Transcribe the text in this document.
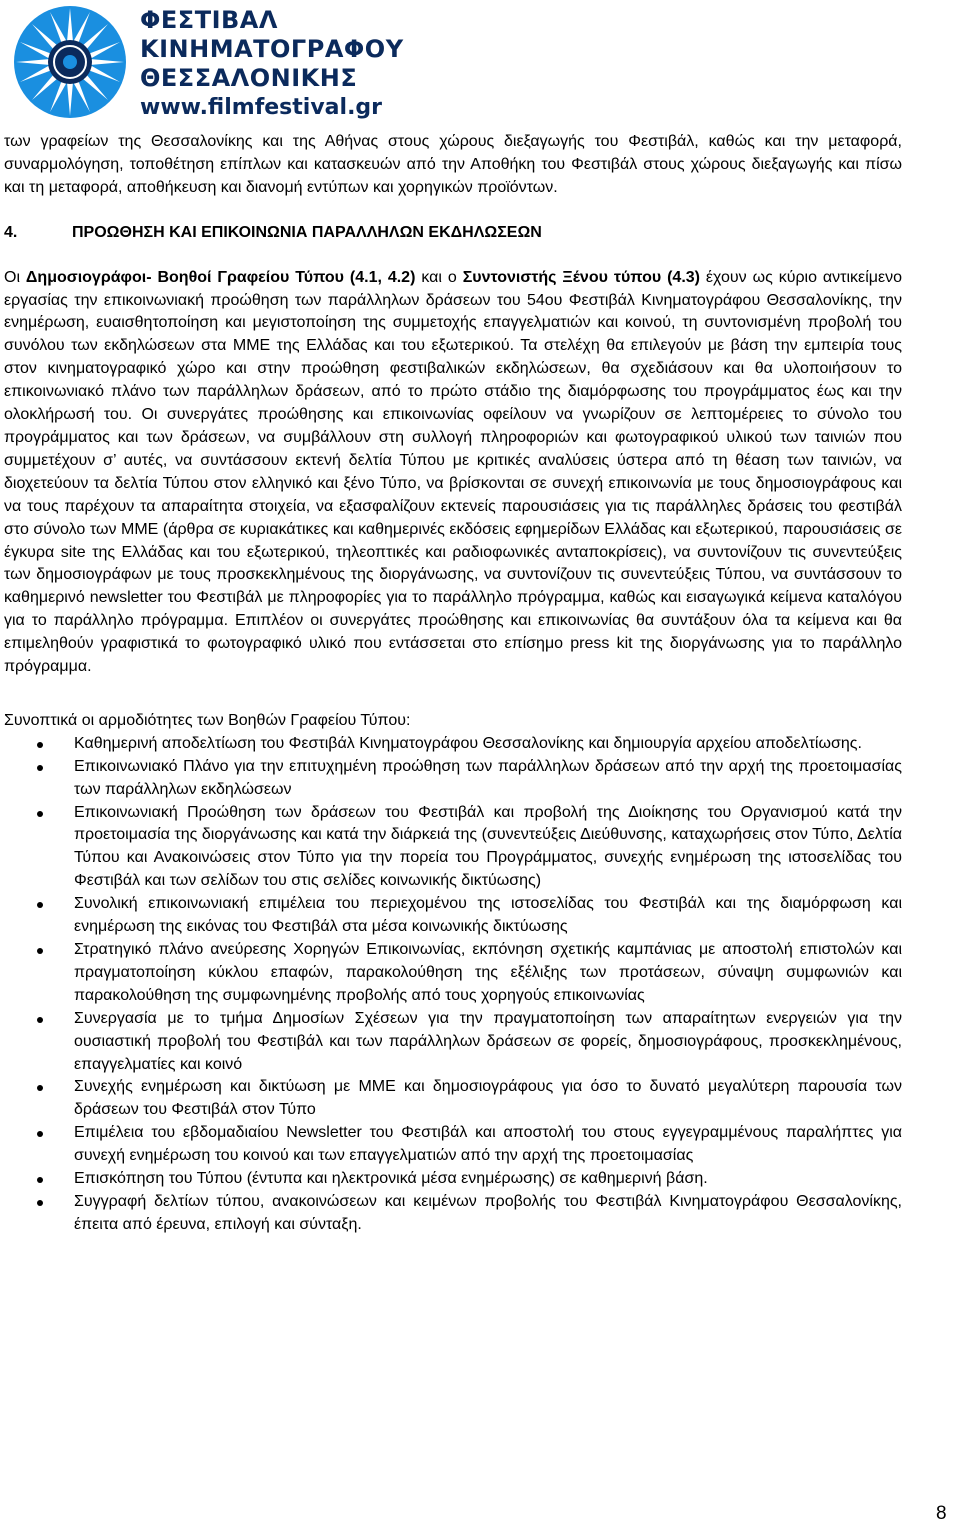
ΦΕΣΤΙΒΑΛ
ΚΙΝΗΜΑΤΟΓΡΑΦΟΥ
ΘΕΣΣΑΛΟΝΙΚΗΣ
www.filmfestival.gr

των γραφείων της Θεσσαλονίκης και της Αθήνας στους χώρους διεξαγωγής του Φεστιβάλ, καθώς και την μεταφορά, συναρμολόγηση, τοποθέτηση επίπλων και κατασκευών από την Αποθήκη του Φεστιβάλ στους χώρους διεξαγωγής και πίσω και τη μεταφορά, αποθήκευση και διανομή εντύπων και χορηγικών προϊόντων.

4.	ΠΡΟΩΘΗΣΗ ΚΑΙ ΕΠΙΚΟΙΝΩΝΙΑ ΠΑΡΑΛΛΗΛΩΝ ΕΚΔΗΛΩΣΕΩΝ

Οι Δημοσιογράφοι- Βοηθοί Γραφείου Τύπου (4.1, 4.2) και ο Συντονιστής Ξένου τύπου (4.3) έχουν ως κύριο αντικείμενο εργασίας την επικοινωνιακή προώθηση των παράλληλων δράσεων του 54ου Φεστιβάλ Κινηματογράφου Θεσσαλονίκης, την ενημέρωση, ευαισθητοποίηση και μεγιστοποίηση της συμμετοχής επαγγελματιών και κοινού, τη συντονισμένη προβολή του συνόλου των εκδηλώσεων στα ΜΜΕ της Ελλάδας και του εξωτερικού. Τα στελέχη θα επιλεγούν με βάση την εμπειρία τους στον κινηματογραφικό χώρο και στην προώθηση φεστιβαλικών εκδηλώσεων, θα σχεδιάσουν και θα υλοποιήσουν το επικοινωνιακό πλάνο των παράλληλων δράσεων, από το πρώτο στάδιο της διαμόρφωσης του προγράμματος έως και την ολοκλήρωσή του. Οι συνεργάτες προώθησης και επικοινωνίας οφείλουν να γνωρίζουν σε λεπτομέρειες το σύνολο του προγράμματος και των δράσεων, να συμβάλλουν στη συλλογή πληροφοριών και φωτογραφικού υλικού των ταινιών που συμμετέχουν σ’ αυτές, να συντάσσουν εκτενή δελτία Τύπου με κριτικές αναλύσεις ύστερα από τη θέαση των ταινιών, να διοχετεύουν τα δελτία Τύπου στον ελληνικό και ξένο Τύπο, να βρίσκονται σε συνεχή επικοινωνία με τους δημοσιογράφους και να τους παρέχουν τα απαραίτητα στοιχεία, να εξασφαλίζουν εκτενείς παρουσιάσεις για τις παράλληλες δράσεις του φεστιβάλ στο σύνολο των ΜΜΕ (άρθρα σε κυριακάτικες και καθημερινές εκδόσεις εφημερίδων Ελλάδας και εξωτερικού, παρουσιάσεις σε έγκυρα site της Ελλάδας και του εξωτερικού, τηλεοπτικές και ραδιοφωνικές ανταποκρίσεις), να συντονίζουν τις συνεντεύξεις των δημοσιογράφων με τους προσκεκλημένους της διοργάνωσης, να συντονίζουν τις συνεντεύξεις Τύπου, να συντάσσουν το καθημερινό newsletter του Φεστιβάλ με πληροφορίες για το παράλληλο πρόγραμμα, καθώς και εισαγωγικά κείμενα καταλόγου για το παράλληλο πρόγραμμα. Επιπλέον οι συνεργάτες προώθησης και επικοινωνίας θα συντάξουν όλα τα κείμενα και θα επιμεληθούν γραφιστικά το φωτογραφικό υλικό που εντάσσεται στο επίσημο press kit της διοργάνωσης για το παράλληλο πρόγραμμα.

Συνοπτικά οι αρμοδιότητες των Βοηθών Γραφείου Τύπου:

Καθημερινή αποδελτίωση του Φεστιβάλ Κινηματογράφου Θεσσαλονίκης και δημιουργία αρχείου αποδελτίωσης.
Επικοινωνιακό Πλάνο για την επιτυχημένη προώθηση των παράλληλων δράσεων από την αρχή της προετοιμασίας των παράλληλων εκδηλώσεων
Επικοινωνιακή Προώθηση των δράσεων του Φεστιβάλ και προβολή της Διοίκησης του Οργανισμού κατά την προετοιμασία της διοργάνωσης και κατά την διάρκειά της (συνεντεύξεις Διεύθυνσης, καταχωρήσεις στον Τύπο, Δελτία Τύπου και Ανακοινώσεις στον Τύπο για την πορεία του Προγράμματος, συνεχής ενημέρωση της ιστοσελίδας του Φεστιβάλ και των σελίδων του στις σελίδες κοινωνικής δικτύωσης)
Συνολική επικοινωνιακή επιμέλεια του περιεχομένου της ιστοσελίδας του Φεστιβάλ και της διαμόρφωση και ενημέρωση της εικόνας του Φεστιβάλ στα μέσα κοινωνικής δικτύωσης
Στρατηγικό πλάνο ανεύρεσης Χορηγών Επικοινωνίας, εκπόνηση σχετικής καμπάνιας με αποστολή επιστολών και πραγματοποίηση κύκλου επαφών, παρακολούθηση της εξέλιξης των προτάσεων, σύναψη συμφωνιών και παρακολούθηση της συμφωνημένης προβολής από τους χορηγούς επικοινωνίας
Συνεργασία με το τμήμα Δημοσίων Σχέσεων για την πραγματοποίηση των απαραίτητων ενεργειών για την ουσιαστική προβολή του Φεστιβάλ και των παράλληλων δράσεων σε φορείς, δημοσιογράφους, προσκεκλημένους, επαγγελματίες και κοινό
Συνεχής ενημέρωση και δικτύωση με ΜΜΕ και δημοσιογράφους για όσο το δυνατό μεγαλύτερη παρουσία των δράσεων του Φεστιβάλ στον Τύπο
Επιμέλεια του εβδομαδιαίου Newsletter του Φεστιβάλ και αποστολή του στους εγγεγραμμένους παραλήπτες για συνεχή ενημέρωση του κοινού και των επαγγελματιών από την αρχή της προετοιμασίας
Επισκόπηση του Τύπου (έντυπα και ηλεκτρονικά μέσα ενημέρωσης) σε καθημερινή βάση.
Συγγραφή δελτίων τύπου, ανακοινώσεων και κειμένων προβολής του Φεστιβάλ Κινηματογράφου Θεσσαλονίκης, έπειτα από έρευνα, επιλογή και σύνταξη.
8
